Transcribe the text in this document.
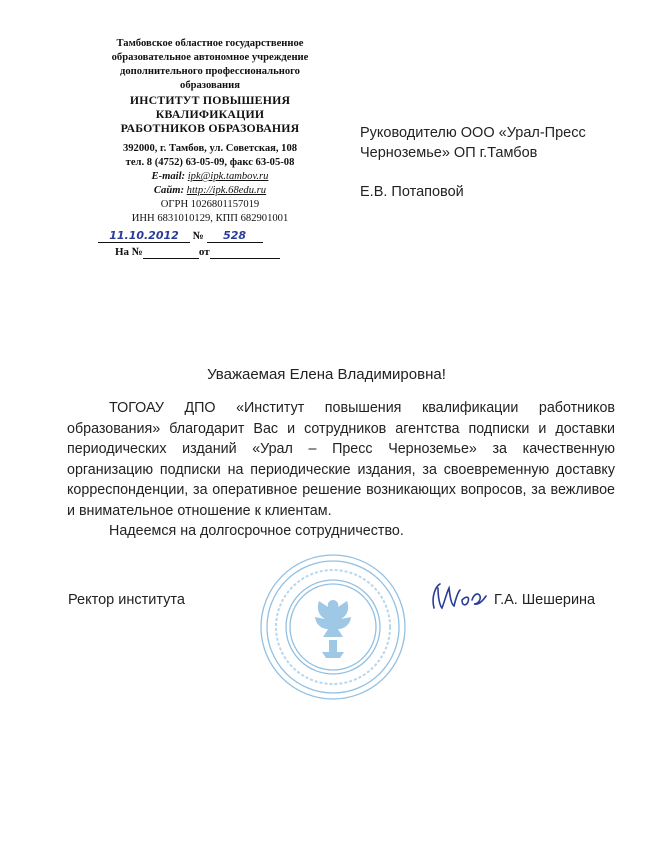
Тамбовское областное государственное
образовательное автономное учреждение
дополнительного профессионального
образования
ИНСТИТУТ ПОВЫШЕНИЯ
КВАЛИФИКАЦИИ
РАБОТНИКОВ ОБРАЗОВАНИЯ
392000, г. Тамбов, ул. Советская, 108
тел. 8 (4752) 63-05-09, факс 63-05-08
E-mail: ipk@ipk.tambov.ru
Сайт: http://ipk.68edu.ru
ОГРН 1026801157019
ИНН 6831010129, КПП 682901001
11.10.2012 № 528
На №	от
Руководителю ООО «Урал-Пресс
Черноземье» ОП г.Тамбов
Е.В. Потаповой
Уважаемая Елена Владимировна!

ТОГОАУ ДПО «Институт повышения квалификации работников образования» благодарит Вас и сотрудников агентства подписки и доставки периодических изданий «Урал – Пресс Черноземье» за качественную организацию подписки на периодические издания, за своевременную доставку корреспонденции, за оперативное решение возникающих вопросов, за вежливое и внимательное отношение к клиентам.

Надеемся на долгосрочное сотрудничество.

Ректор института	Г.А. Шешерина
